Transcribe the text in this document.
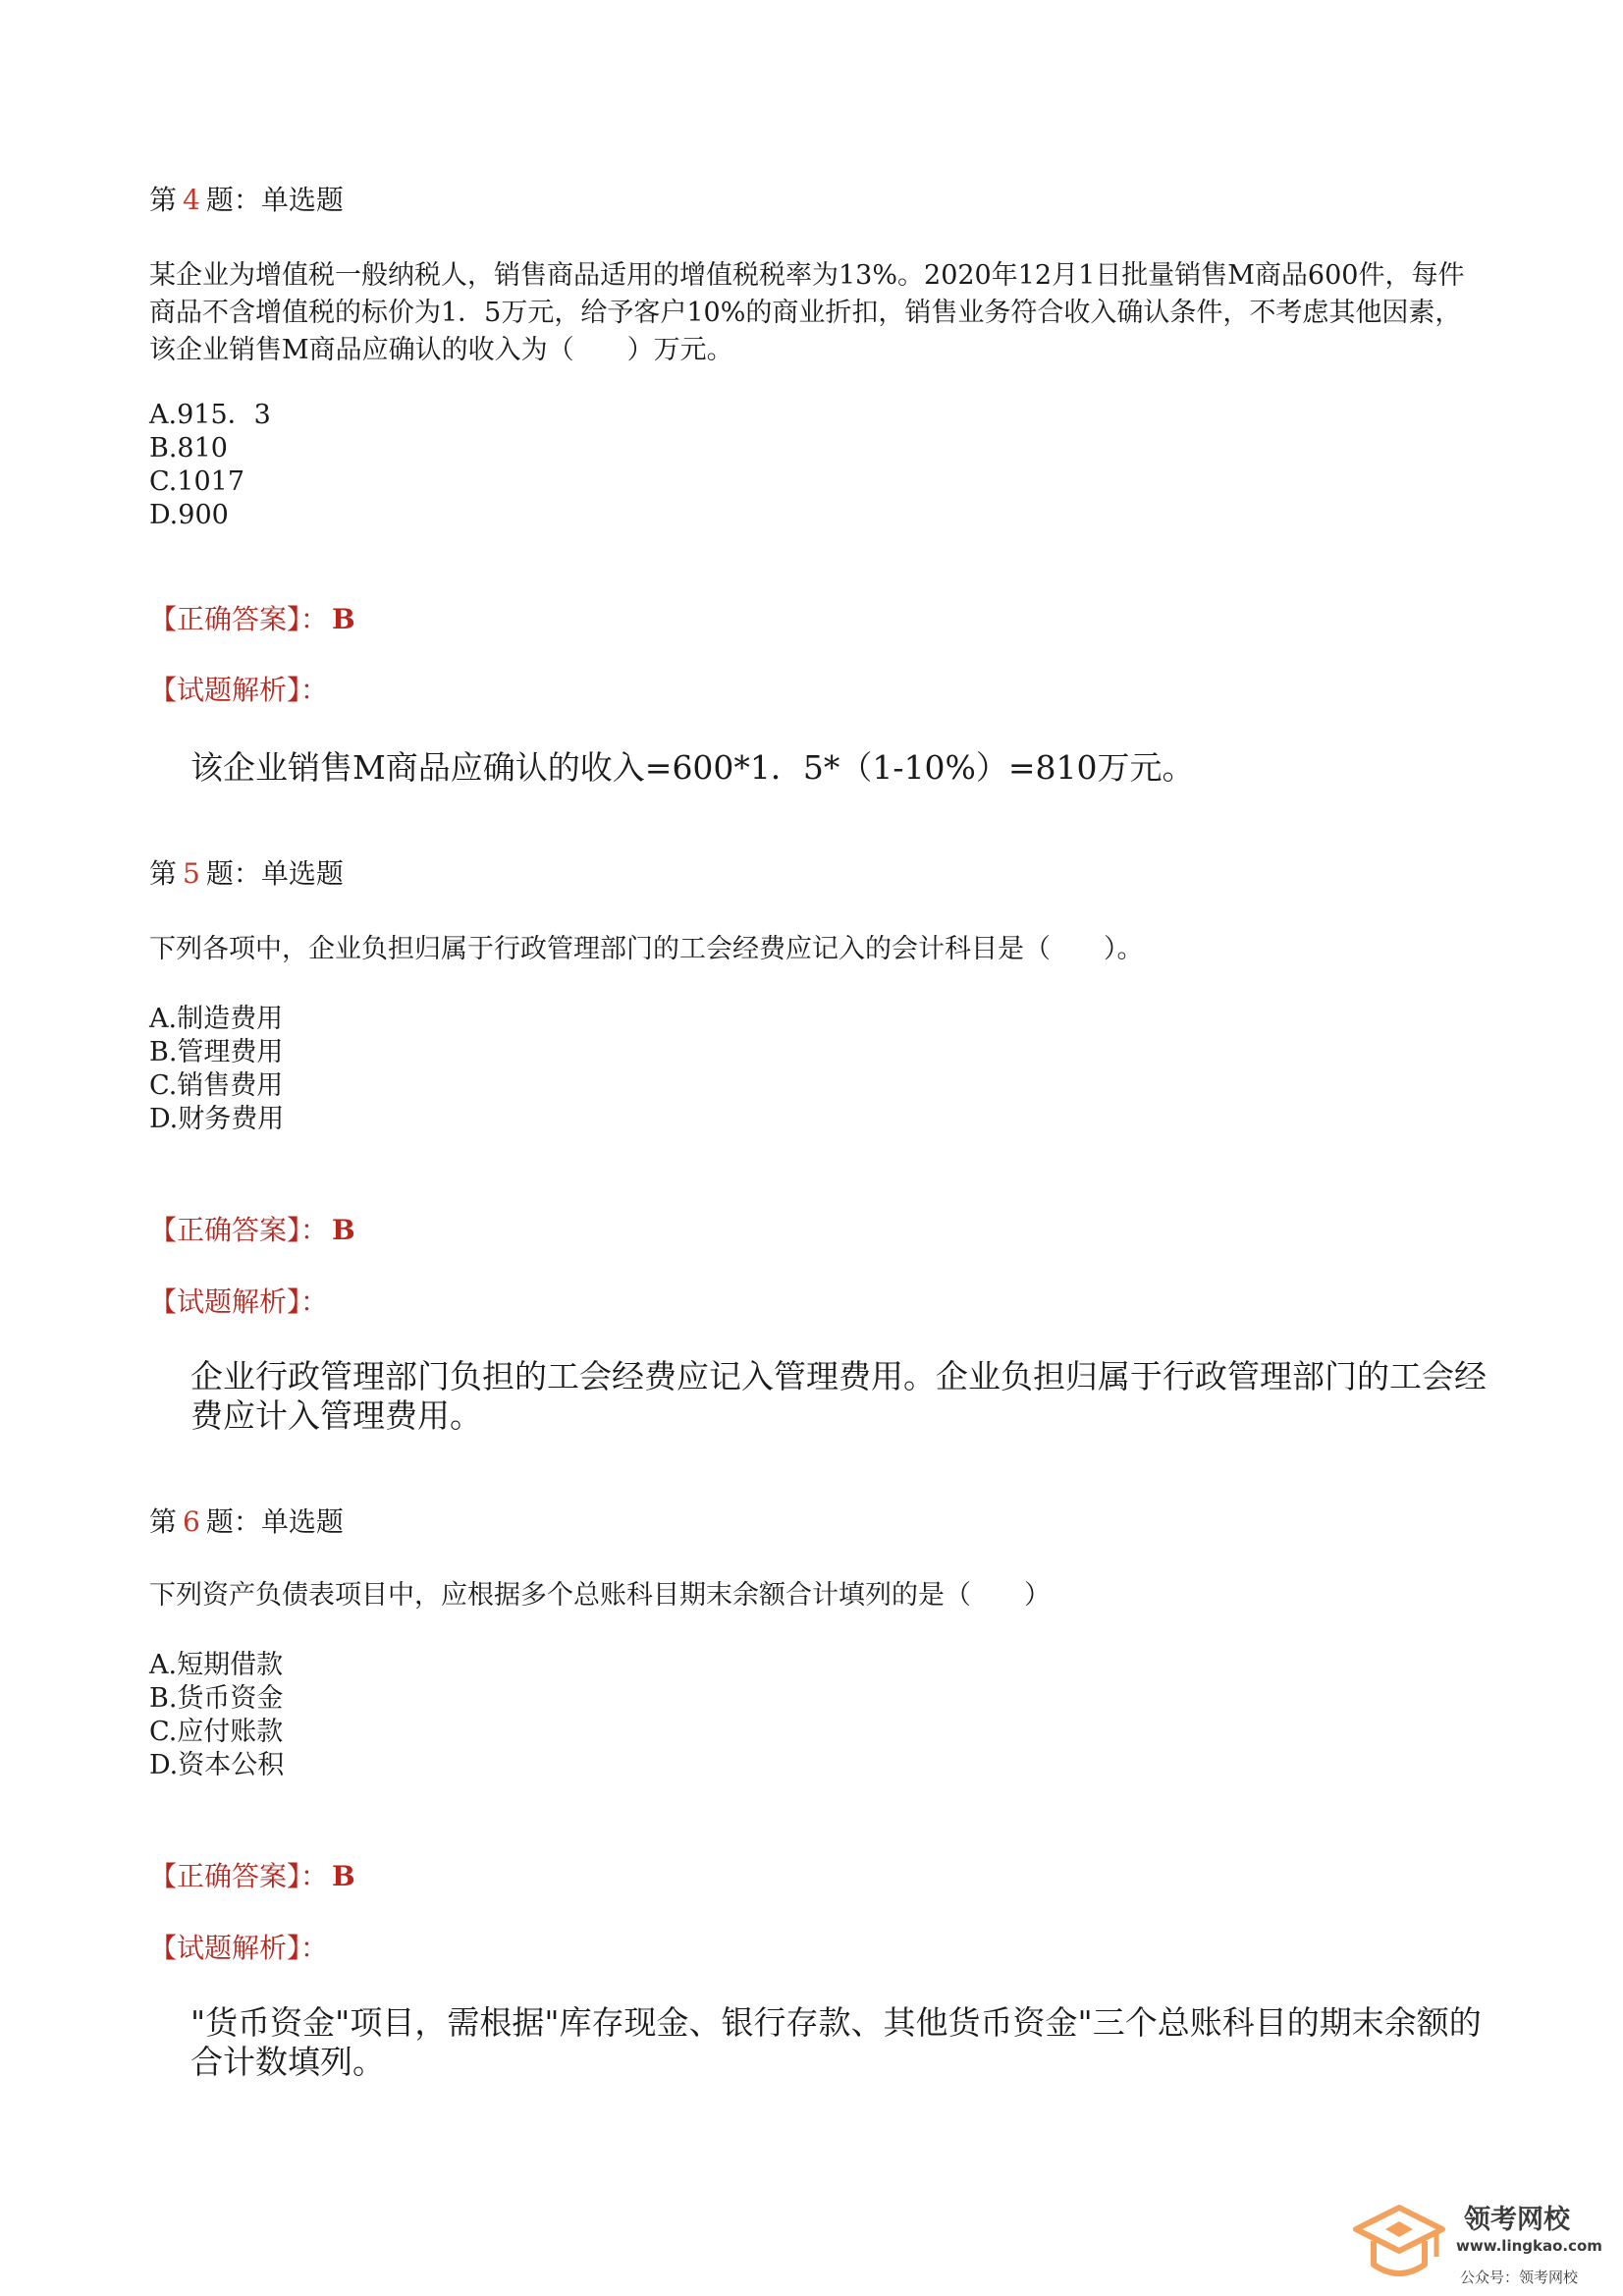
第 4 题：单选题
某企业为增值税一般纳税人，销售商品适用的增值税税率为13%。2020年12月1日批量销售M商品600件，每件商品不含增值税的标价为1．5万元，给予客户10%的商业折扣，销售业务符合收入确认条件，不考虑其他因素，该企业销售M商品应确认的收入为（　　）万元。
A.915．3
B.810
C.1017
D.900
【正确答案】： B
【试题解析】：
该企业销售M商品应确认的收入=600*1．5*（1-10%）=810万元。
第 5 题：单选题
下列各项中，企业负担归属于行政管理部门的工会经费应记入的会计科目是（　　）。
A.制造费用
B.管理费用
C.销售费用
D.财务费用
【正确答案】： B
【试题解析】：
企业行政管理部门负担的工会经费应记入管理费用。企业负担归属于行政管理部门的工会经费应计入管理费用。
第 6 题：单选题
下列资产负债表项目中，应根据多个总账科目期末余额合计填列的是（　　）
A.短期借款
B.货币资金
C.应付账款
D.资本公积
【正确答案】： B
【试题解析】：
"货币资金"项目，需根据"库存现金、银行存款、其他货币资金"三个总账科目的期末余额的合计数填列。
领考网校
www.lingkao.com
公众号：领考网校
